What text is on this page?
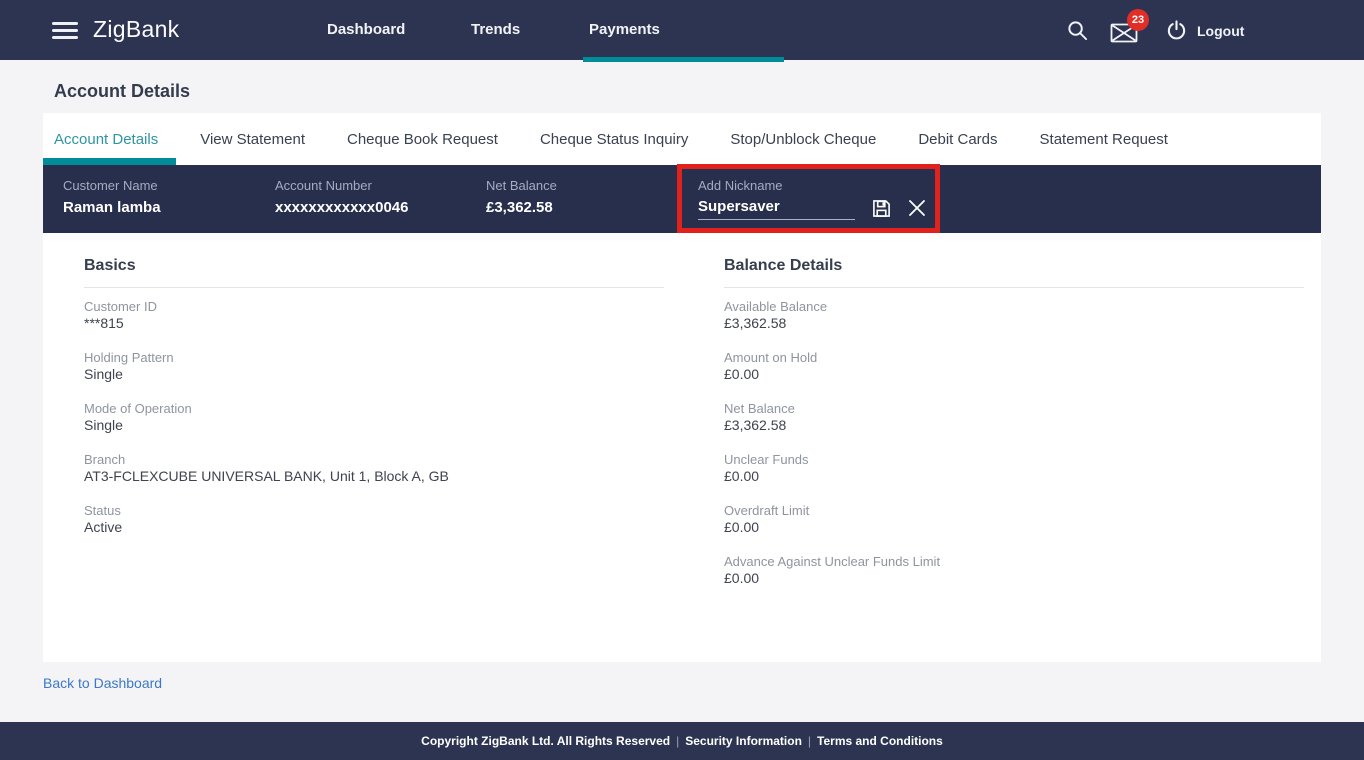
ZigBank	Dashboard	Trends	Payments
23
Logout
Account Details
Account Details	View Statement	Cheque Book Request	Cheque Status Inquiry	Stop/Unblock Cheque	Debit Cards	Statement Request
Customer Name
Raman lamba
Account Number
xxxxxxxxxxxx0046
Net Balance
£3,362.58
Add Nickname
Supersaver
Basics
Customer ID
***815
Holding Pattern
Single
Mode of Operation
Single
Branch
AT3-FCLEXCUBE UNIVERSAL BANK, Unit 1, Block A, GB
Status
Active
Balance Details
Available Balance
£3,362.58
Amount on Hold
£0.00
Net Balance
£3,362.58
Unclear Funds
£0.00
Overdraft Limit
£0.00
Advance Against Unclear Funds Limit
£0.00
Back to Dashboard
Copyright ZigBank Ltd. All Rights Reserved | Security Information | Terms and Conditions
